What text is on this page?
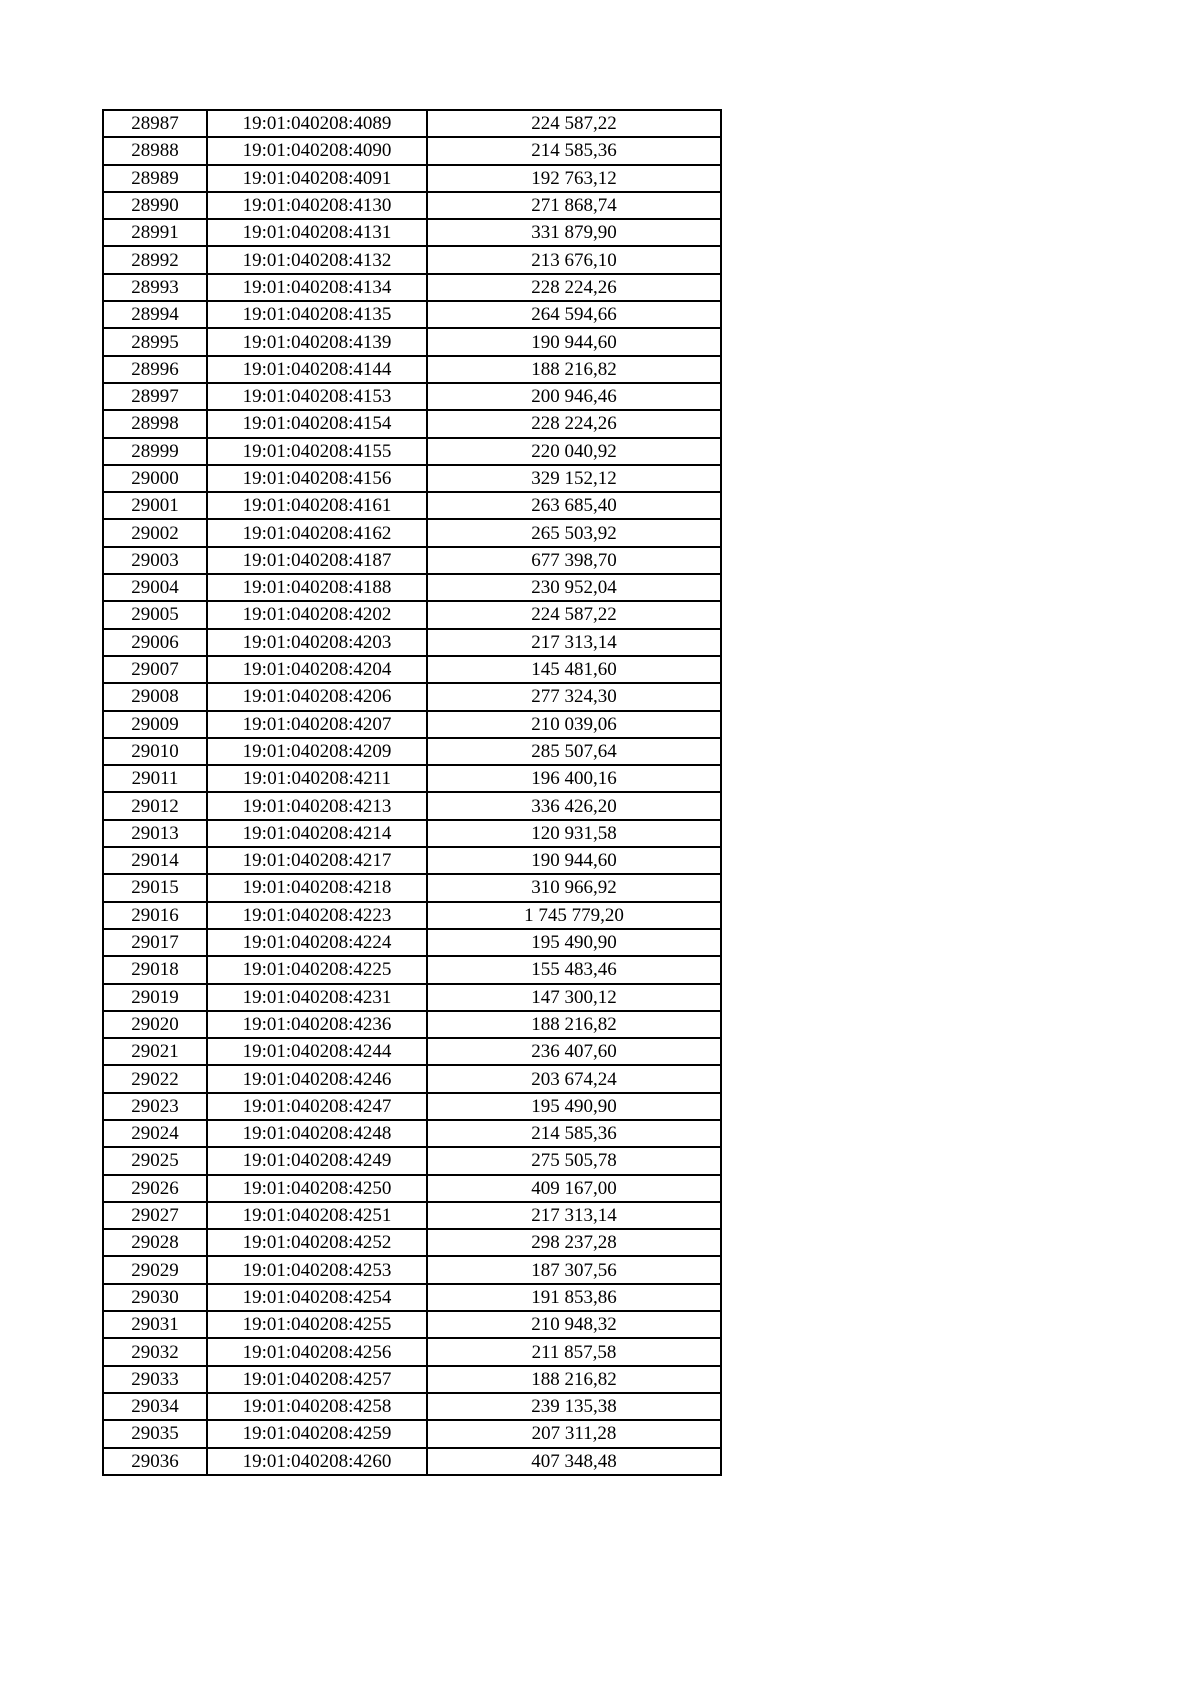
28987	19:01:040208:4089	224 587,22
28988	19:01:040208:4090	214 585,36
28989	19:01:040208:4091	192 763,12
28990	19:01:040208:4130	271 868,74
28991	19:01:040208:4131	331 879,90
28992	19:01:040208:4132	213 676,10
28993	19:01:040208:4134	228 224,26
28994	19:01:040208:4135	264 594,66
28995	19:01:040208:4139	190 944,60
28996	19:01:040208:4144	188 216,82
28997	19:01:040208:4153	200 946,46
28998	19:01:040208:4154	228 224,26
28999	19:01:040208:4155	220 040,92
29000	19:01:040208:4156	329 152,12
29001	19:01:040208:4161	263 685,40
29002	19:01:040208:4162	265 503,92
29003	19:01:040208:4187	677 398,70
29004	19:01:040208:4188	230 952,04
29005	19:01:040208:4202	224 587,22
29006	19:01:040208:4203	217 313,14
29007	19:01:040208:4204	145 481,60
29008	19:01:040208:4206	277 324,30
29009	19:01:040208:4207	210 039,06
29010	19:01:040208:4209	285 507,64
29011	19:01:040208:4211	196 400,16
29012	19:01:040208:4213	336 426,20
29013	19:01:040208:4214	120 931,58
29014	19:01:040208:4217	190 944,60
29015	19:01:040208:4218	310 966,92
29016	19:01:040208:4223	1 745 779,20
29017	19:01:040208:4224	195 490,90
29018	19:01:040208:4225	155 483,46
29019	19:01:040208:4231	147 300,12
29020	19:01:040208:4236	188 216,82
29021	19:01:040208:4244	236 407,60
29022	19:01:040208:4246	203 674,24
29023	19:01:040208:4247	195 490,90
29024	19:01:040208:4248	214 585,36
29025	19:01:040208:4249	275 505,78
29026	19:01:040208:4250	409 167,00
29027	19:01:040208:4251	217 313,14
29028	19:01:040208:4252	298 237,28
29029	19:01:040208:4253	187 307,56
29030	19:01:040208:4254	191 853,86
29031	19:01:040208:4255	210 948,32
29032	19:01:040208:4256	211 857,58
29033	19:01:040208:4257	188 216,82
29034	19:01:040208:4258	239 135,38
29035	19:01:040208:4259	207 311,28
29036	19:01:040208:4260	407 348,48
